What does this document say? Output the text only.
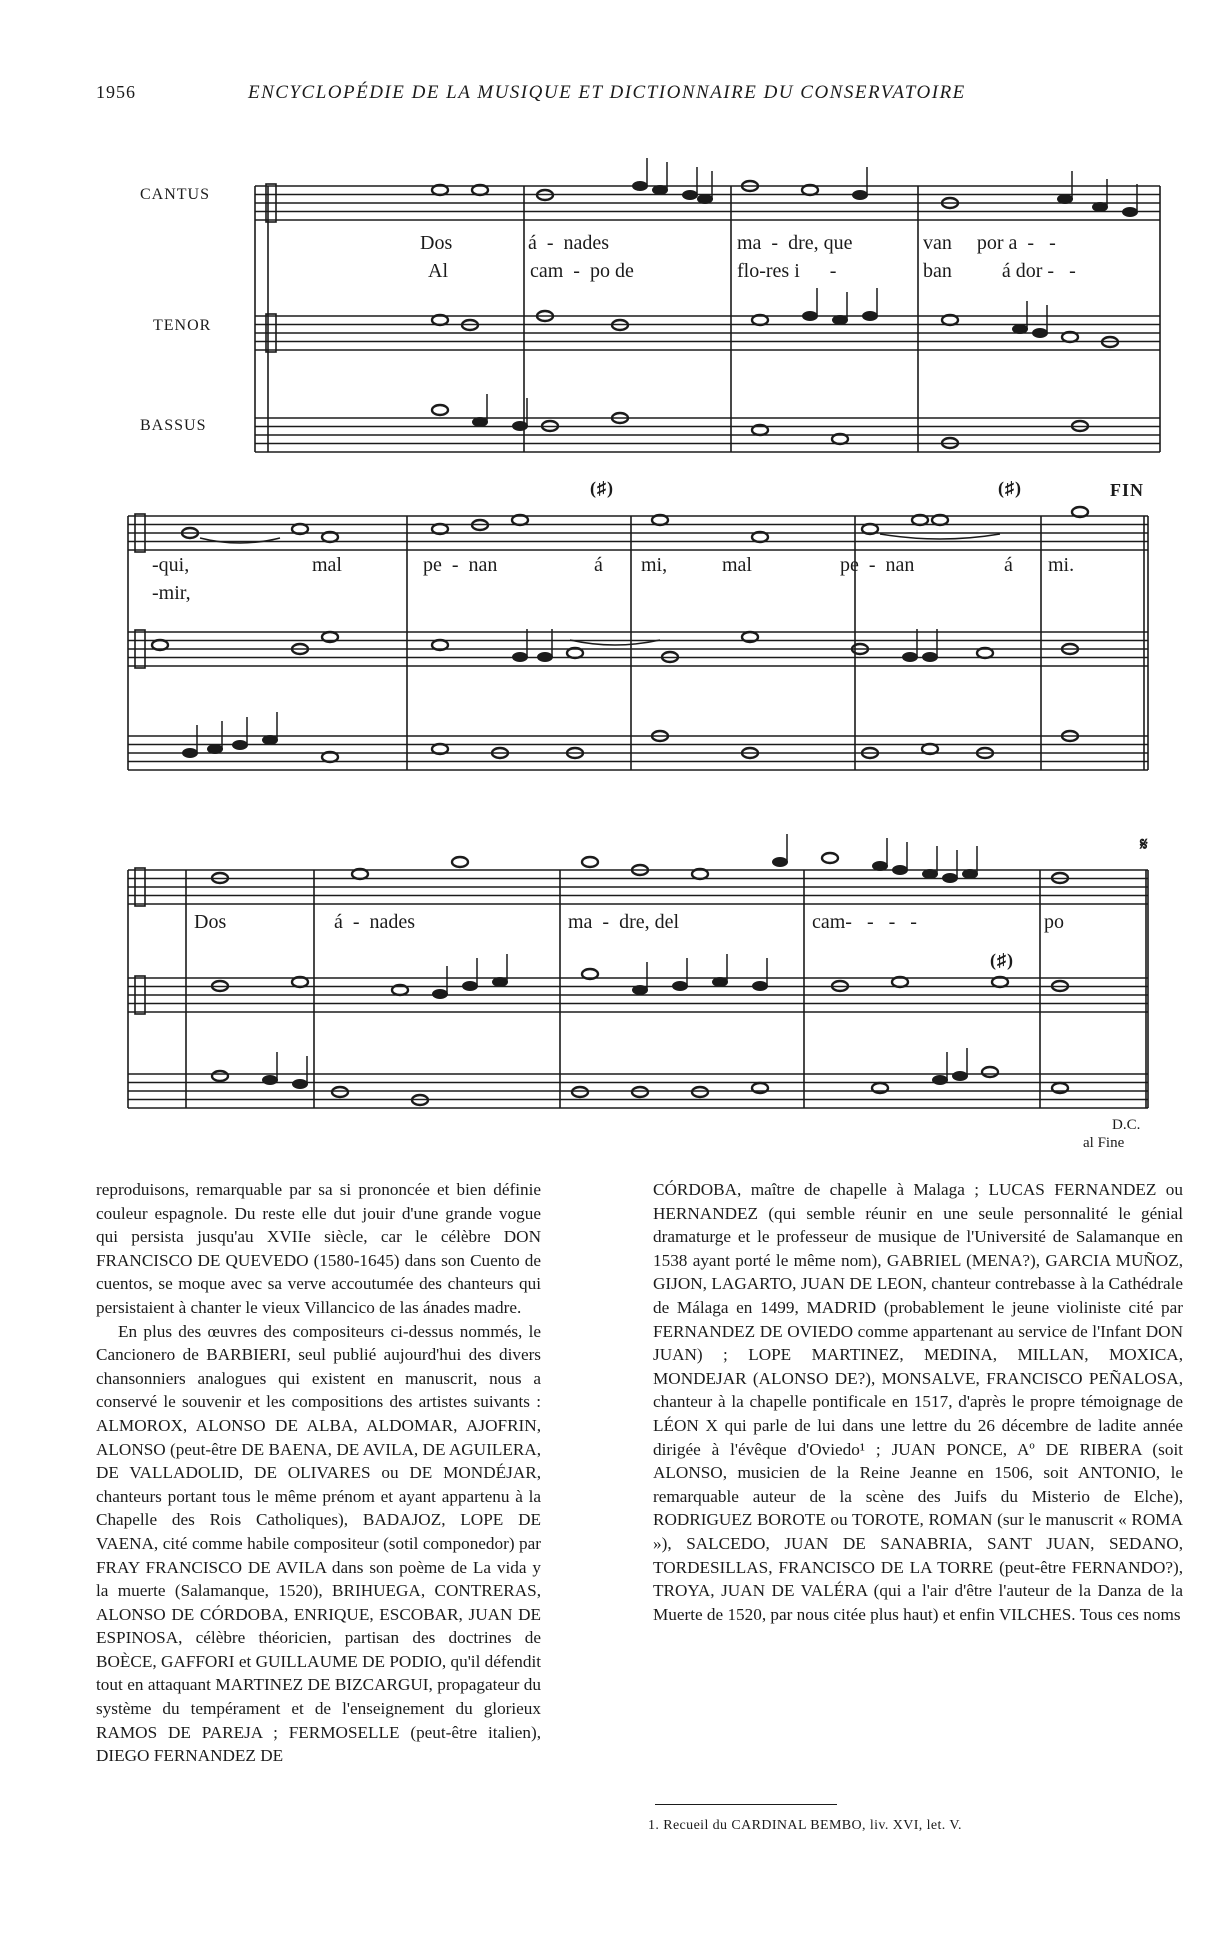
1956	ENCYCLOPÉDIE DE LA MUSIQUE ET DICTIONNAIRE DU CONSERVATOIRE
CANTUS
TENOR
BASSUS
Dos	á  -  nades	ma  -  dre, que	van     por a  -   -
Al	cam  -  po de	flo-res i      -	ban          á dor -   -
(♯)	(♯)	FIN
-qui,	mal	pe  -  nan	á mi,	mal	pe  -  nan	á mi.
-mir,
𝄋
Dos	á  -  nades	ma  -  dre, del	cam-   -   -   -	po
(♯)
D.C.
al Fine

reproduisons, remarquable par sa si prononcée et bien définie couleur espagnole. Du reste elle dut jouir d'une grande vogue qui persista jusqu'au XVIIe siècle, car le célèbre DON FRANCISCO DE QUEVEDO (1580-1645) dans son Cuento de cuentos, se moque avec sa verve accoutumée des chanteurs qui persistaient à chanter le vieux Villancico de las ánades madre.

En plus des œuvres des compositeurs ci-dessus nommés, le Cancionero de BARBIERI, seul publié aujourd'hui des divers chansonniers analogues qui existent en manuscrit, nous a conservé le souvenir et les compositions des artistes suivants : ALMOROX, ALONSO DE ALBA, ALDOMAR, AJOFRIN, ALONSO (peut-être DE BAENA, DE AVILA, DE AGUILERA, DE VALLADOLID, DE OLIVARES ou DE MONDÉJAR, chanteurs portant tous le même prénom et ayant appartenu à la Chapelle des Rois Catholiques), BADAJOZ, LOPE DE VAENA, cité comme habile compositeur (sotil componedor) par FRAY FRANCISCO DE AVILA dans son poème de La vida y la muerte (Salamanque, 1520), BRIHUEGA, CONTRERAS, ALONSO DE CÓRDOBA, ENRIQUE, ESCOBAR, JUAN DE ESPINOSA, célèbre théoricien, partisan des doctrines de BOÈCE, GAFFORI et GUILLAUME DE PODIO, qu'il défendit tout en attaquant MARTINEZ DE BIZCARGUI, propagateur du système du tempérament et de l'enseignement du glorieux RAMOS DE PAREJA ; FERMOSELLE (peut-être italien), DIEGO FERNANDEZ DE

CÓRDOBA, maître de chapelle à Malaga ; LUCAS FERNANDEZ ou HERNANDEZ (qui semble réunir en une seule personnalité le génial dramaturge et le professeur de musique de l'Université de Salamanque en 1538 ayant porté le même nom), GABRIEL (MENA?), GARCIA MUÑOZ, GIJON, LAGARTO, JUAN DE LEON, chanteur contrebasse à la Cathédrale de Málaga en 1499, MADRID (probablement le jeune violiniste cité par FERNANDEZ DE OVIEDO comme appartenant au service de l'Infant DON JUAN) ; LOPE MARTINEZ, MEDINA, MILLAN, MOXICA, MONDEJAR (ALONSO DE?), MONSALVE, FRANCISCO PEÑALOSA, chanteur à la chapelle pontificale en 1517, d'après le propre témoignage de LÉON X qui parle de lui dans une lettre du 26 décembre de ladite année dirigée à l'évêque d'Oviedo¹ ; JUAN PONCE, Aº DE RIBERA (soit ALONSO, musicien de la Reine Jeanne en 1506, soit ANTONIO, le remarquable auteur de la scène des Juifs du Misterio de Elche), RODRIGUEZ BOROTE ou TOROTE, ROMAN (sur le manuscrit « ROMA »), SALCEDO, JUAN DE SANABRIA, SANT JUAN, SEDANO, TORDESILLAS, FRANCISCO DE LA TORRE (peut-être FERNANDO?), TROYA, JUAN DE VALÉRA (qui a l'air d'être l'auteur de la Danza de la Muerte de 1520, par nous citée plus haut) et enfin VILCHES. Tous ces noms

1. Recueil du CARDINAL BEMBO, liv. XVI, let. V.
